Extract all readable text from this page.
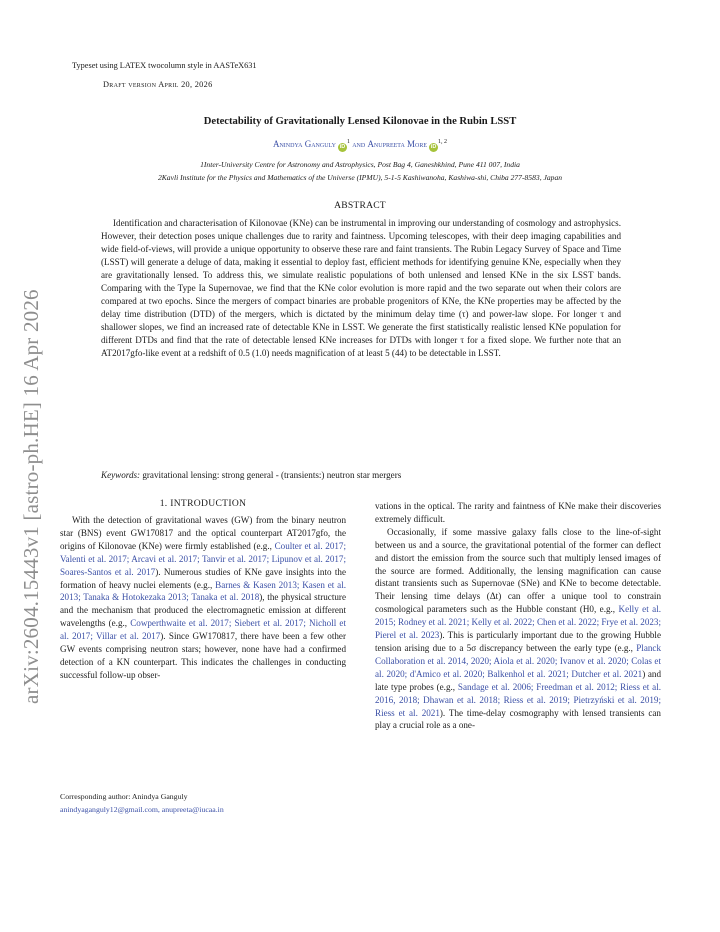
arXiv:2604.15443v1 [astro-ph.HE] 16 Apr 2026
Typeset using LATEX twocolumn style in AASTeX631
Draft version April 20, 2026
Detectability of Gravitationally Lensed Kilonovae in the Rubin LSST
Anindya Ganguly $iD^1$ and Anupreeta More iD$^{1, 2}$
1Inter-University Centre for Astronomy and Astrophysics, Post Bag 4, Ganeshkhind, Pune 411 007, India
2Kavli Institute for the Physics and Mathematics of the Universe (IPMU), 5-1-5 Kashiwanoha, Kashiwa-shi, Chiba 277-8583, Japan
ABSTRACT
Identification and characterisation of Kilonovae (KNe) can be instrumental in improving our understanding of cosmology and astrophysics. However, their detection poses unique challenges due to rarity and faintness. Upcoming telescopes, with their deep imaging capabilities and wide field-of-views, will provide a unique opportunity to observe these rare and faint transients. The Rubin Legacy Survey of Space and Time (LSST) will generate a deluge of data, making it essential to deploy fast, efficient methods for identifying genuine KNe, especially when they are gravitationally lensed. To address this, we simulate realistic populations of both unlensed and lensed KNe in the six LSST bands. Comparing with the Type Ia Supernovae, we find that the KNe color evolution is more rapid and the two separate out when their colors are compared at two epochs. Since the mergers of compact binaries are probable progenitors of KNe, the KNe properties may be affected by the delay time distribution (DTD) of the mergers, which is dictated by the minimum delay time (τ) and power-law slope. For longer τ and shallower slopes, we find an increased rate of detectable KNe in LSST. We generate the first statistically realistic lensed KNe population for different DTDs and find that the rate of detectable lensed KNe increases for DTDs with longer τ for a fixed slope. We further note that an AT2017gfo-like event at a redshift of 0.5 (1.0) needs magnification of at least 5 (44) to be detectable in LSST.
Keywords: gravitational lensing: strong general - (transients:) neutron star mergers
1. INTRODUCTION

With the detection of gravitational waves (GW) from the binary neutron star (BNS) event GW170817 and the optical counterpart AT2017gfo, the origins of Kilonovae (KNe) were firmly established (e.g., Coulter et al. 2017; Valenti et al. 2017; Arcavi et al. 2017; Tanvir et al. 2017; Lipunov et al. 2017; Soares-Santos et al. 2017). Numerous studies of KNe gave insights into the formation of heavy nuclei elements (e.g., Barnes & Kasen 2013; Kasen et al. 2013; Tanaka & Hotokezaka 2013; Tanaka et al. 2018), the physical structure and the mechanism that produced the electromagnetic emission at different wavelengths (e.g., Cowperthwaite et al. 2017; Siebert et al. 2017; Nicholl et al. 2017; Villar et al. 2017). Since GW170817, there have been a few other GW events comprising neutron stars; however, none have had a confirmed detection of a KN counterpart. This indicates the challenges in conducting successful follow-up obser-

vations in the optical. The rarity and faintness of KNe make their discoveries extremely difficult.

Occasionally, if some massive galaxy falls close to the line-of-sight between us and a source, the gravitational potential of the former can deflect and distort the emission from the source such that multiply lensed images of the source are formed. Additionally, the lensing magnification can cause distant transients such as Supernovae (SNe) and KNe to become detectable. Their lensing time delays (Δt) can offer a unique tool to constrain cosmological parameters such as the Hubble constant (H0, e.g., Kelly et al. 2015; Rodney et al. 2021; Kelly et al. 2022; Chen et al. 2022; Frye et al. 2023; Pierel et al. 2023). This is particularly important due to the growing Hubble tension arising due to a 5σ discrepancy between the early type (e.g., Planck Collaboration et al. 2014, 2020; Aiola et al. 2020; Ivanov et al. 2020; Colas et al. 2020; d'Amico et al. 2020; Balkenhol et al. 2021; Dutcher et al. 2021) and late type probes (e.g., Sandage et al. 2006; Freedman et al. 2012; Riess et al. 2016, 2018; Dhawan et al. 2018; Riess et al. 2019; Pietrzyński et al. 2019; Riess et al. 2021). The time-delay cosmography with lensed transients can play a crucial role as a one-

Corresponding author: Anindya Ganguly
anindyaganguly12@gmail.com, anupreeta@iucaa.in
